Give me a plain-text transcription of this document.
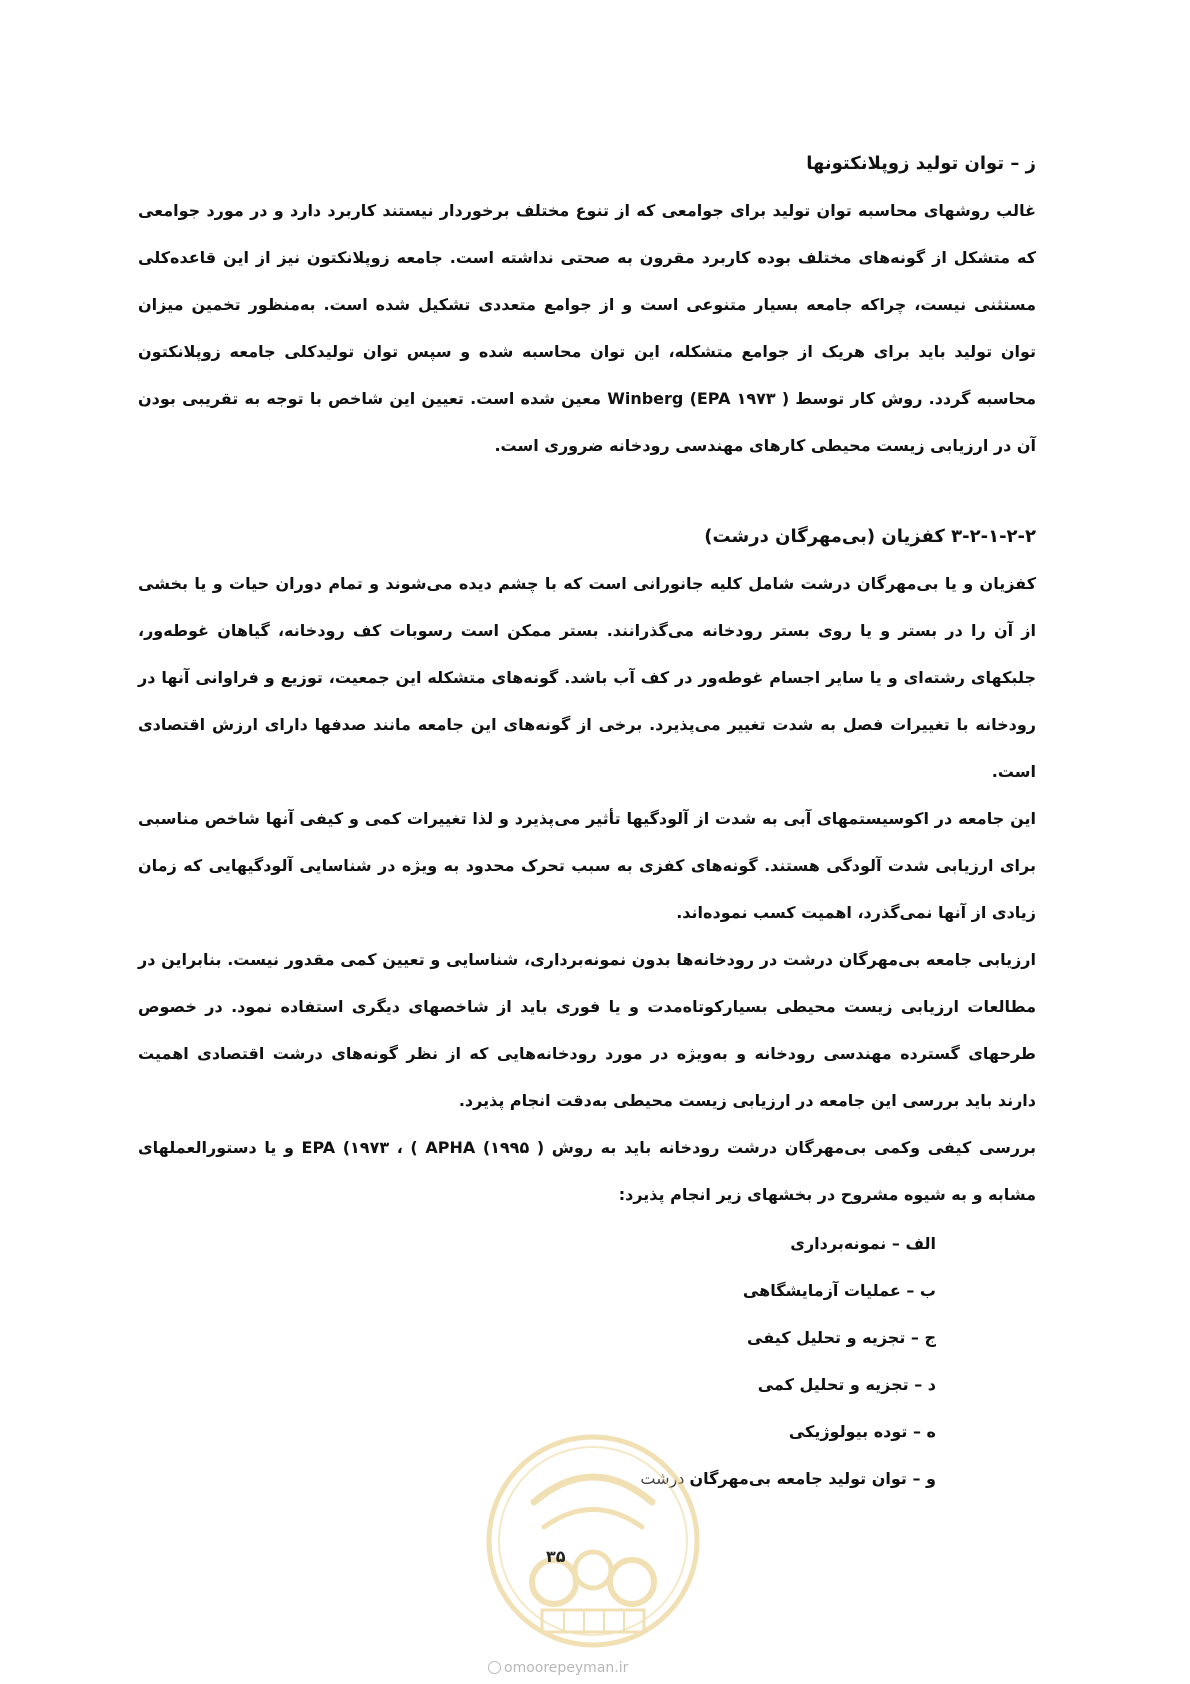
ز – توان تولید زوپلانکتونها

غالب روشهای محاسبه توان تولید برای جوامعی که از تنوع مختلف برخوردار نیستند کاربرد دارد و در مورد جوامعی که متشکل از گونه‌های مختلف بوده کاربرد مقرون به صحتی نداشته است. جامعه زوپلانکتون نیز از این قاعده‌کلی مستثنی نیست، چراکه جامعه بسیار متنوعی است و از جوامع متعددی تشکیل شده است. به‌منظور تخمین میزان توان تولید باید برای هریک از جوامع متشکله، این توان محاسبه شده و سپس توان تولیدکلی جامعه زوپلانکتون محاسبه گردد. روش کار توسط ( Winberg (EPA ۱۹۷۳ معین شده است. تعیین این شاخص با توجه به تقریبی بودن آن در ارزیابی زیست محیطی کارهای مهندسی رودخانه ضروری است.

۳-۲-۱-۲-۲ کفزیان (بی‌مهرگان درشت)

کفزیان و یا بی‌مهرگان درشت شامل کلیه جانورانی است که با چشم دیده می‌شوند و تمام دوران حیات و یا بخشی از آن را در بستر و یا روی بستر رودخانه می‌گذرانند. بستر ممکن است رسوبات کف رودخانه، گیاهان غوطه‌ور، جلبکهای رشته‌ای و یا سایر اجسام غوطه‌ور در کف آب باشد. گونه‌های متشکله این جمعیت، توزیع و فراوانی آنها در رودخانه با تغییرات فصل به شدت تغییر می‌پذیرد. برخی از گونه‌های این جامعه مانند صدفها دارای ارزش اقتصادی است.

این جامعه در اکوسیستمهای آبی به شدت از آلودگیها تأثیر می‌پذیرد و لذا تغییرات کمی و کیفی آنها شاخص مناسبی برای ارزیابی شدت آلودگی هستند. گونه‌های کفزی به سبب تحرک محدود به ویژه در شناسایی آلودگیهایی که زمان زیادی از آنها نمی‌گذرد، اهمیت کسب نموده‌اند.

ارزیابی جامعه بی‌مهرگان درشت در رودخانه‌ها بدون نمونه‌برداری، شناسایی و تعیین کمی مقدور نیست. بنابراین در مطالعات ارزیابی زیست محیطی بسیارکوتاه‌مدت و یا فوری باید از شاخصهای دیگری استفاده نمود. در خصوص طرحهای گسترده مهندسی رودخانه و به‌ویژه در مورد رودخانه‌هایی که از نظر گونه‌های درشت اقتصادی اهمیت دارند باید بررسی این جامعه در ارزیابی زیست محیطی به‌دقت انجام پذیرد.

بررسی کیفی وکمی بی‌مهرگان درشت رودخانه باید به روش ( EPA (۱۹۷۳ ، ( APHA (۱۹۹۵ و یا دستورالعملهای مشابه و به شیوه مشروح در بخشهای زیر انجام پذیرد:

الف – نمونه‌برداری
ب – عملیات آزمایشگاهی
ج – تجزیه و تحلیل کیفی
د – تجزیه و تحلیل کمی
ه – توده بیولوژیکی
و – توان تولید جامعه بی‌مهرگان درشت
۳۵
omoorepeyman.ir
